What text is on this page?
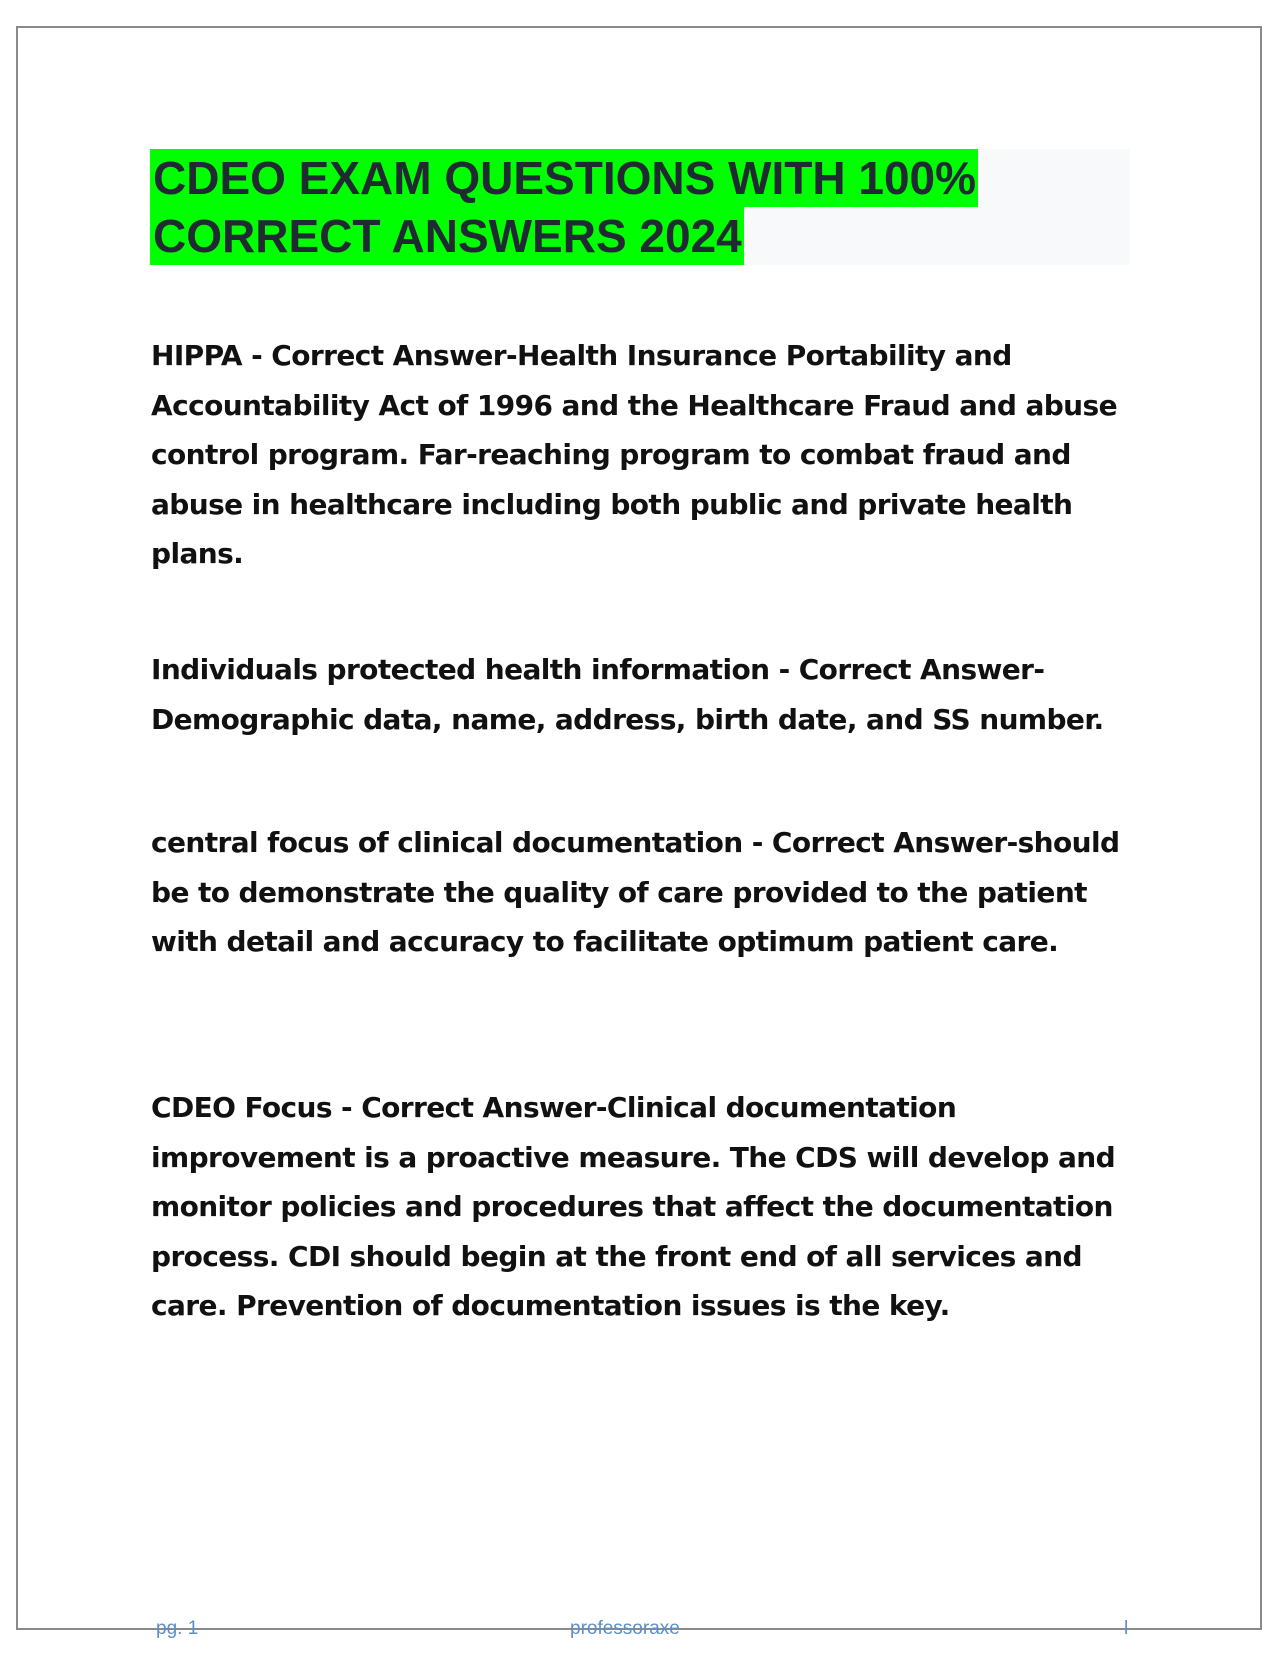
CDEO EXAM QUESTIONS WITH 100%
CORRECT ANSWERS 2024

HIPPA - Correct Answer-Health Insurance Portability and Accountability Act of 1996 and the Healthcare Fraud and abuse control program. Far-reaching program to combat fraud and abuse in healthcare including both public and private health plans.

Individuals protected health information - Correct Answer-Demographic data, name, address, birth date, and SS number.

central focus of clinical documentation - Correct Answer-should be to demonstrate the quality of care provided to the patient with detail and accuracy to facilitate optimum patient care.

CDEO Focus - Correct Answer-Clinical documentation improvement is a proactive measure. The CDS will develop and monitor policies and procedures that affect the documentation process. CDI should begin at the front end of all services and care. Prevention of documentation issues is the key.

pg. 1	professoraxe	l
